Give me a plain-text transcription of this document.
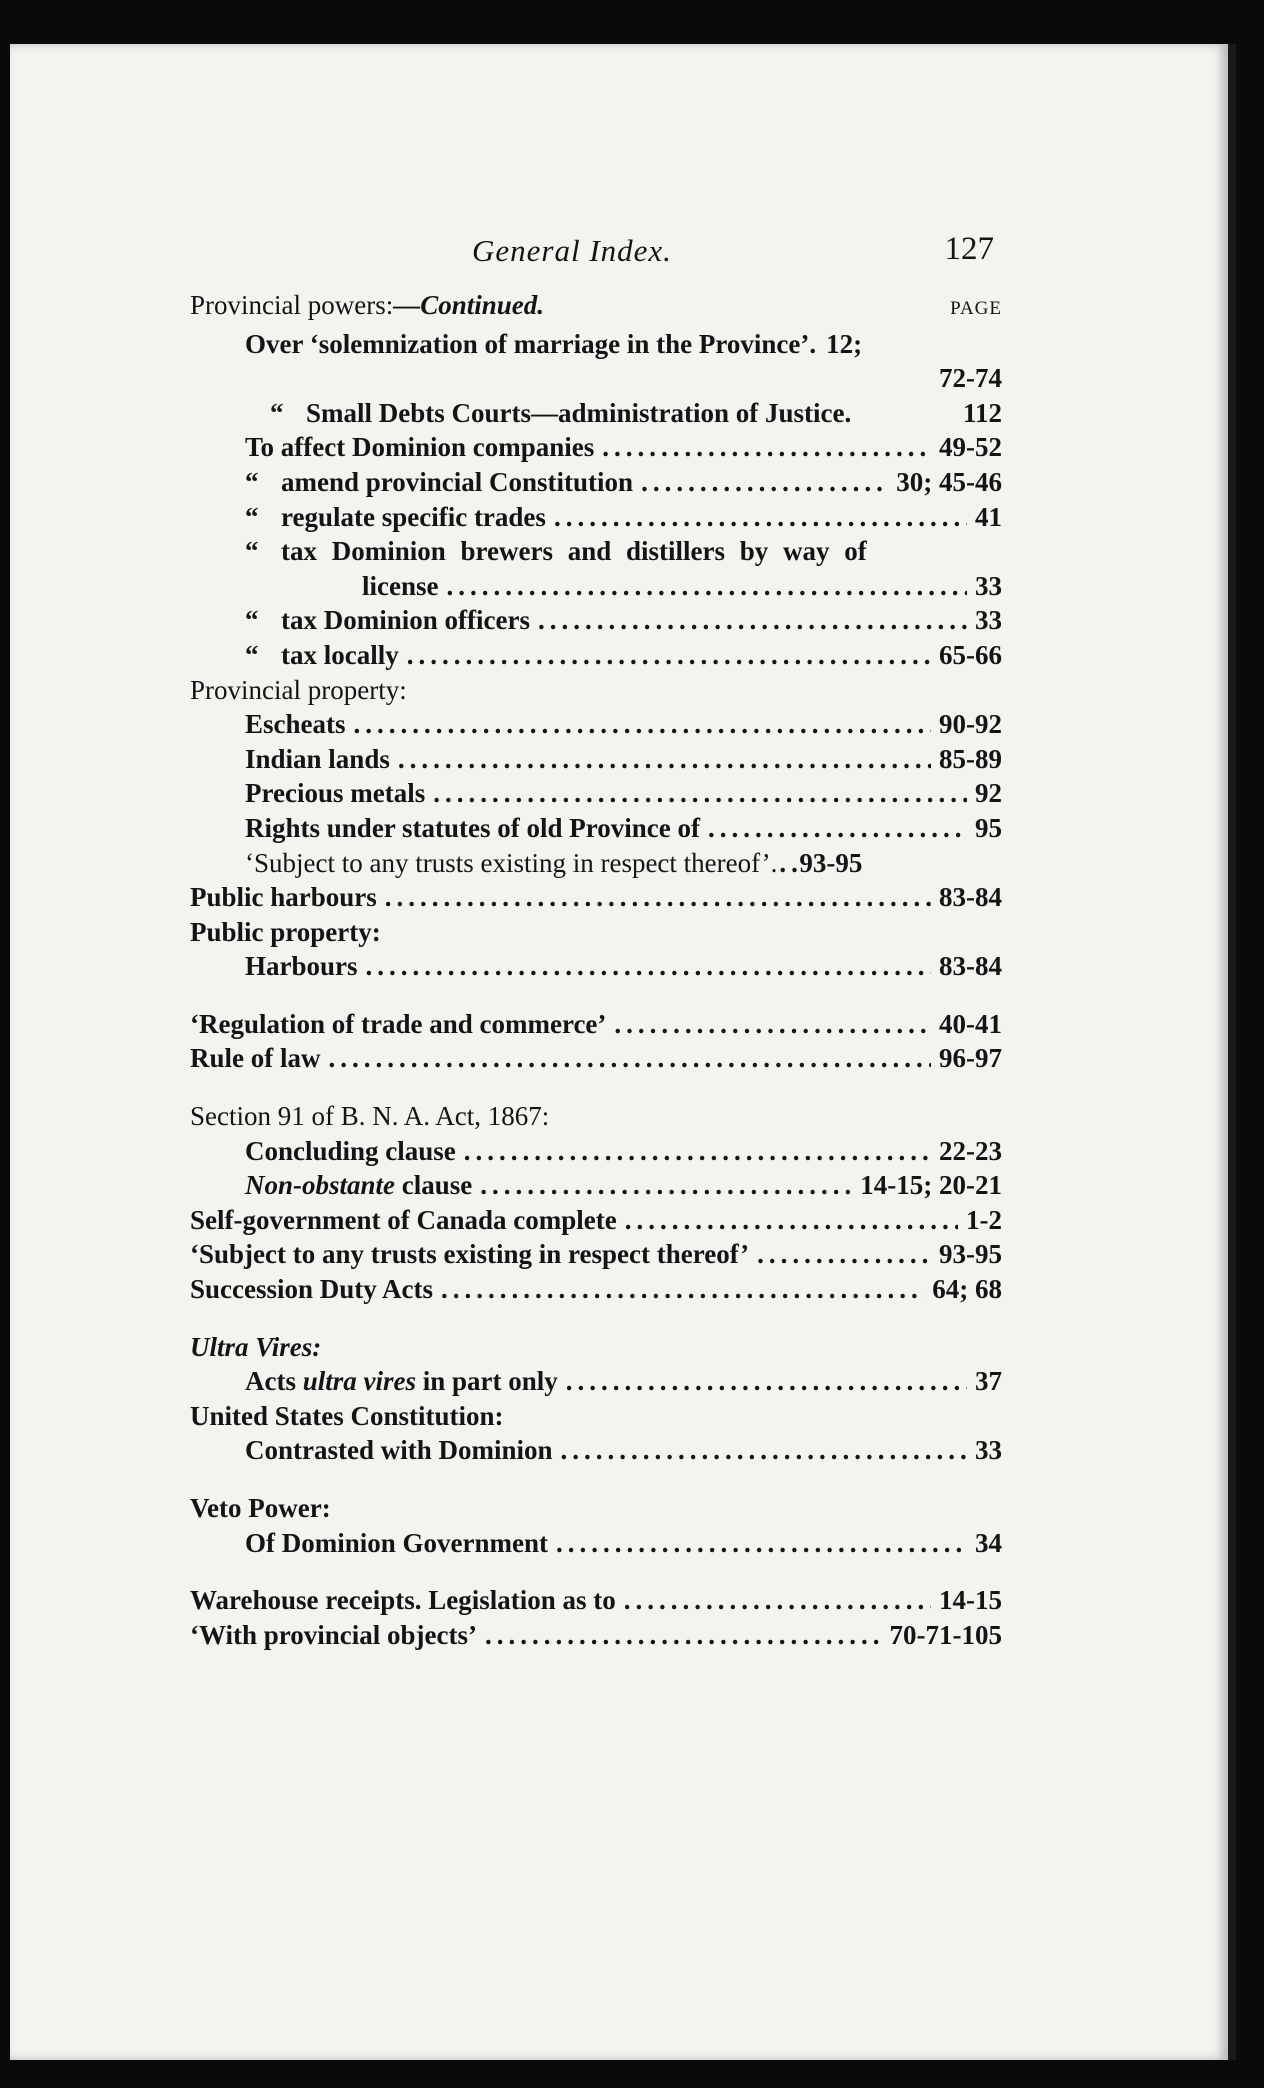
General Index.	127
Provincial powers:—Continued.	PAGE
Over ‘solemnization of marriage in the Province’. 12;
72-74
“ Small Debts Courts—administration of Justice.	112
To affect Dominion companies .....	49-52
“ amend provincial Constitution .....	30; 45-46
“ regulate specific trades .....	41
“ tax Dominion brewers and distillers by way of
license .....	33
“ tax Dominion officers .....	33
“ tax locally .....	65-66
Provincial property:
Escheats .....	90-92
Indian lands .....	85-89
Precious metals .....	92
Rights under statutes of old Province of .....	95
‘Subject to any trusts existing in respect thereof’. ..... 93-95
Public harbours .....	83-84
Public property:
Harbours .....	83-84
‘Regulation of trade and commerce’ .....	40-41
Rule of law .....	96-97
Section 91 of B. N. A. Act, 1867:
Concluding clause .....	22-23
Non-obstante clause .....	14-15; 20-21
Self-government of Canada complete .....	1-2
‘Subject to any trusts existing in respect thereof’ .....	93-95
Succession Duty Acts .....	64; 68
Ultra Vires:
Acts ultra vires in part only .....	37
United States Constitution:
Contrasted with Dominion .....	33
Veto Power:
Of Dominion Government .....	34
Warehouse receipts. Legislation as to .....	14-15
‘With provincial objects’ .....	70-71-105
